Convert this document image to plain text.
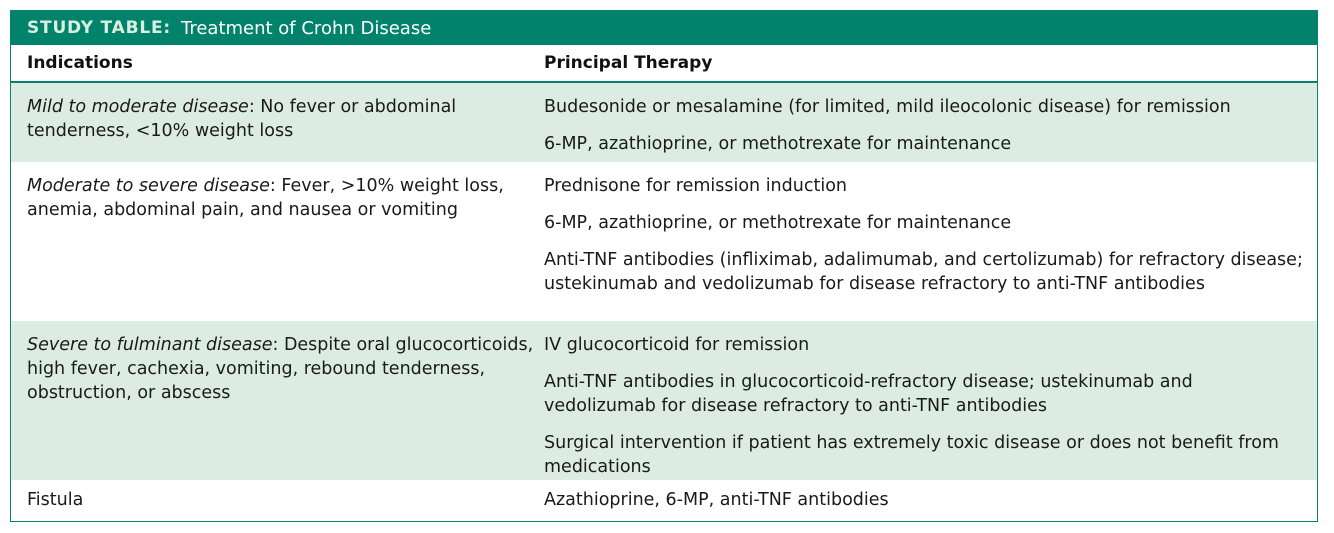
STUDY TABLE: Treatment of Crohn Disease
Indications	Principal Therapy
Mild to moderate disease: No fever or abdominal tenderness, <10% weight loss
Budesonide or mesalamine (for limited, mild ileocolonic disease) for remission
6-MP, azathioprine, or methotrexate for maintenance
Moderate to severe disease: Fever, >10% weight loss, anemia, abdominal pain, and nausea or vomiting
Prednisone for remission induction
6-MP, azathioprine, or methotrexate for maintenance
Anti-TNF antibodies (infliximab, adalimumab, and certolizumab) for refractory disease; ustekinumab and vedolizumab for disease refractory to anti-TNF antibodies
Severe to fulminant disease: Despite oral glucocorticoids, high fever, cachexia, vomiting, rebound tenderness, obstruction, or abscess
IV glucocorticoid for remission
Anti-TNF antibodies in glucocorticoid-refractory disease; ustekinumab and vedolizumab for disease refractory to anti-TNF antibodies
Surgical intervention if patient has extremely toxic disease or does not benefit from medications
Fistula	Azathioprine, 6-MP, anti-TNF antibodies
